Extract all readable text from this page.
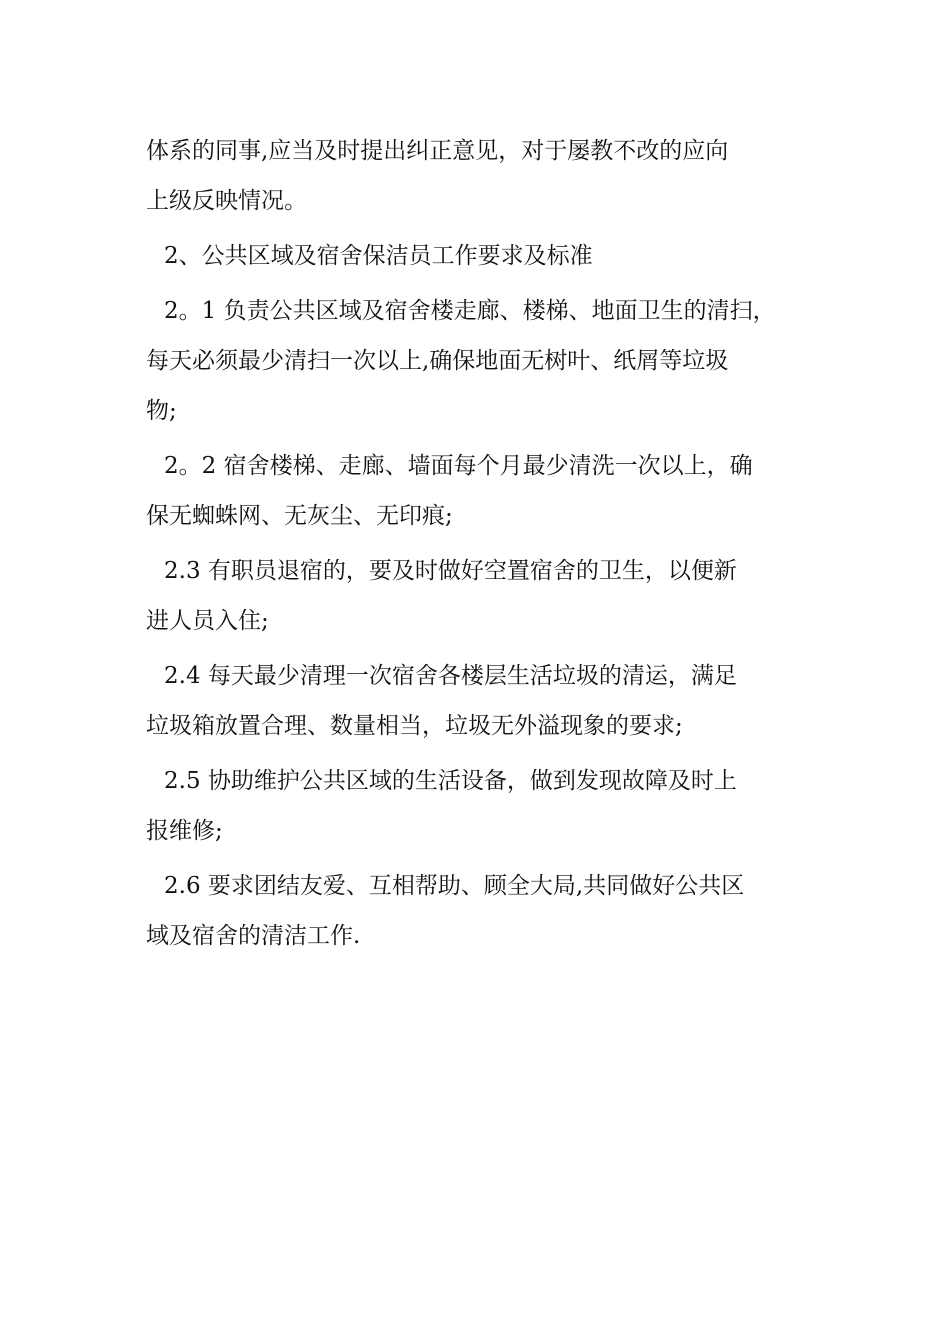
体系的同事,应当及时提出纠正意见，对于屡教不改的应向
上级反映情况。
2、公共区域及宿舍保洁员工作要求及标准
2。1 负责公共区域及宿舍楼走廊、楼梯、地面卫生的清扫，
每天必须最少清扫一次以上,确保地面无树叶、纸屑等垃圾
物;
2。2 宿舍楼梯、走廊、墙面每个月最少清洗一次以上，确
保无蜘蛛网、无灰尘、无印痕;
2.3 有职员退宿的，要及时做好空置宿舍的卫生，以便新
进人员入住;
2.4 每天最少清理一次宿舍各楼层生活垃圾的清运，满足
垃圾箱放置合理、数量相当，垃圾无外溢现象的要求;
2.5 协助维护公共区域的生活设备，做到发现故障及时上
报维修;
2.6 要求团结友爱、互相帮助、顾全大局,共同做好公共区
域及宿舍的清洁工作.
